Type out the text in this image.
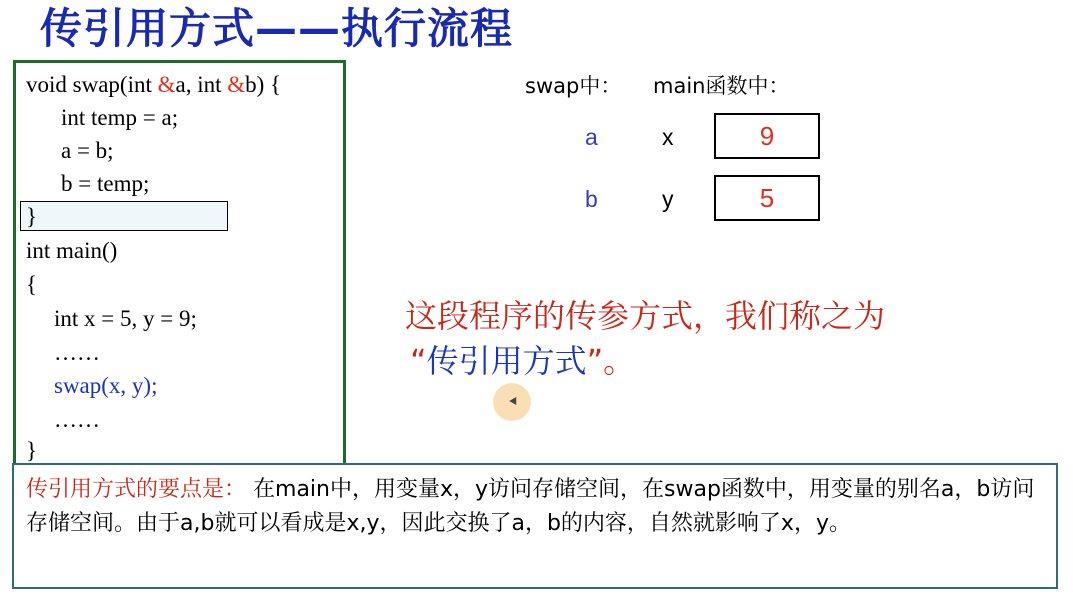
传引用方式——执行流程
void swap(int &a, int &b) {
int temp = a;
a = b;
b = temp;
}
int main()
{
int x = 5, y = 9;
……
swap(x, y);
……
}
swap中： main函数中：
a	x	9
b	y	5
这段程序的传参方式，我们称之为
“传引用方式”。
传引用方式的要点是： 在main中，用变量x，y访问存储空间，在swap函数中，用变量的别名a，b访问存储空间。由于a,b就可以看成是x,y，因此交换了a，b的内容，自然就影响了x，y。
